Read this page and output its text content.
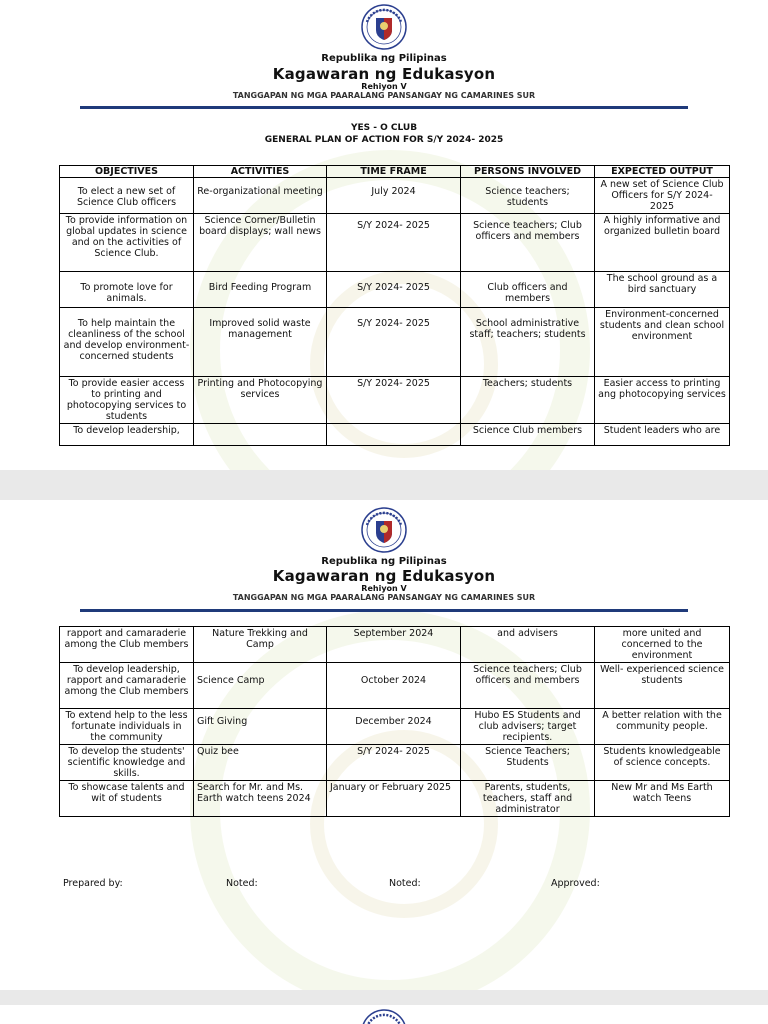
Republika ng Pilipinas
Kagawaran ng Edukasyon
Rehiyon V
TANGGAPAN NG MGA PAARALANG PANSANGAY NG CAMARINES SUR
YES - O CLUB
GENERAL PLAN OF ACTION FOR S/Y 2024- 2025
OBJECTIVES	ACTIVITIES	TIME FRAME	PERSONS INVOLVED	EXPECTED OUTPUT
To elect a new set of Science Club officers	Re-organizational meeting	July 2024	Science teachers; students	A new set of Science Club Officers for S/Y 2024- 2025
To provide information on global updates in science and on the activities of Science Club.	Science Corner/Bulletin board displays; wall news	S/Y 2024- 2025	Science teachers; Club officers and members	A highly informative and organized bulletin board
To promote love for animals.	Bird Feeding Program	S/Y 2024- 2025	Club officers and members	The school ground as a bird sanctuary
To help maintain the cleanliness of the school and develop environment-concerned students	Improved solid waste management	S/Y 2024- 2025	School administrative staff; teachers; students	Environment-concerned students and clean school environment
To provide easier access to printing and photocopying services to students	Printing and Photocopying services	S/Y 2024- 2025	Teachers; students	Easier access to printing ang photocopying services
To develop leadership,			Science Club members	Student leaders who are
Republika ng Pilipinas
Kagawaran ng Edukasyon
Rehiyon V
TANGGAPAN NG MGA PAARALANG PANSANGAY NG CAMARINES SUR
rapport and camaraderie among the Club members	Nature Trekking and Camp	September 2024	and advisers	more united and concerned to the environment
To develop leadership, rapport and camaraderie among the Club members	Science Camp	October 2024	Science teachers; Club officers and members	Well- experienced science students
To extend help to the less fortunate individuals in the community	Gift Giving	December 2024	Hubo ES Students and club advisers; target recipients.	A better relation with the community people.
To develop the students' scientific knowledge and skills.	Quiz bee	S/Y 2024- 2025	Science Teachers; Students	Students knowledgeable of science concepts.
To showcase talents and wit of students	Search for Mr. and Ms. Earth watch teens 2024	January or February 2025	Parents, students, teachers, staff and administrator	New Mr and Ms Earth watch Teens
Prepared by:	Noted:	Noted:	Approved:
